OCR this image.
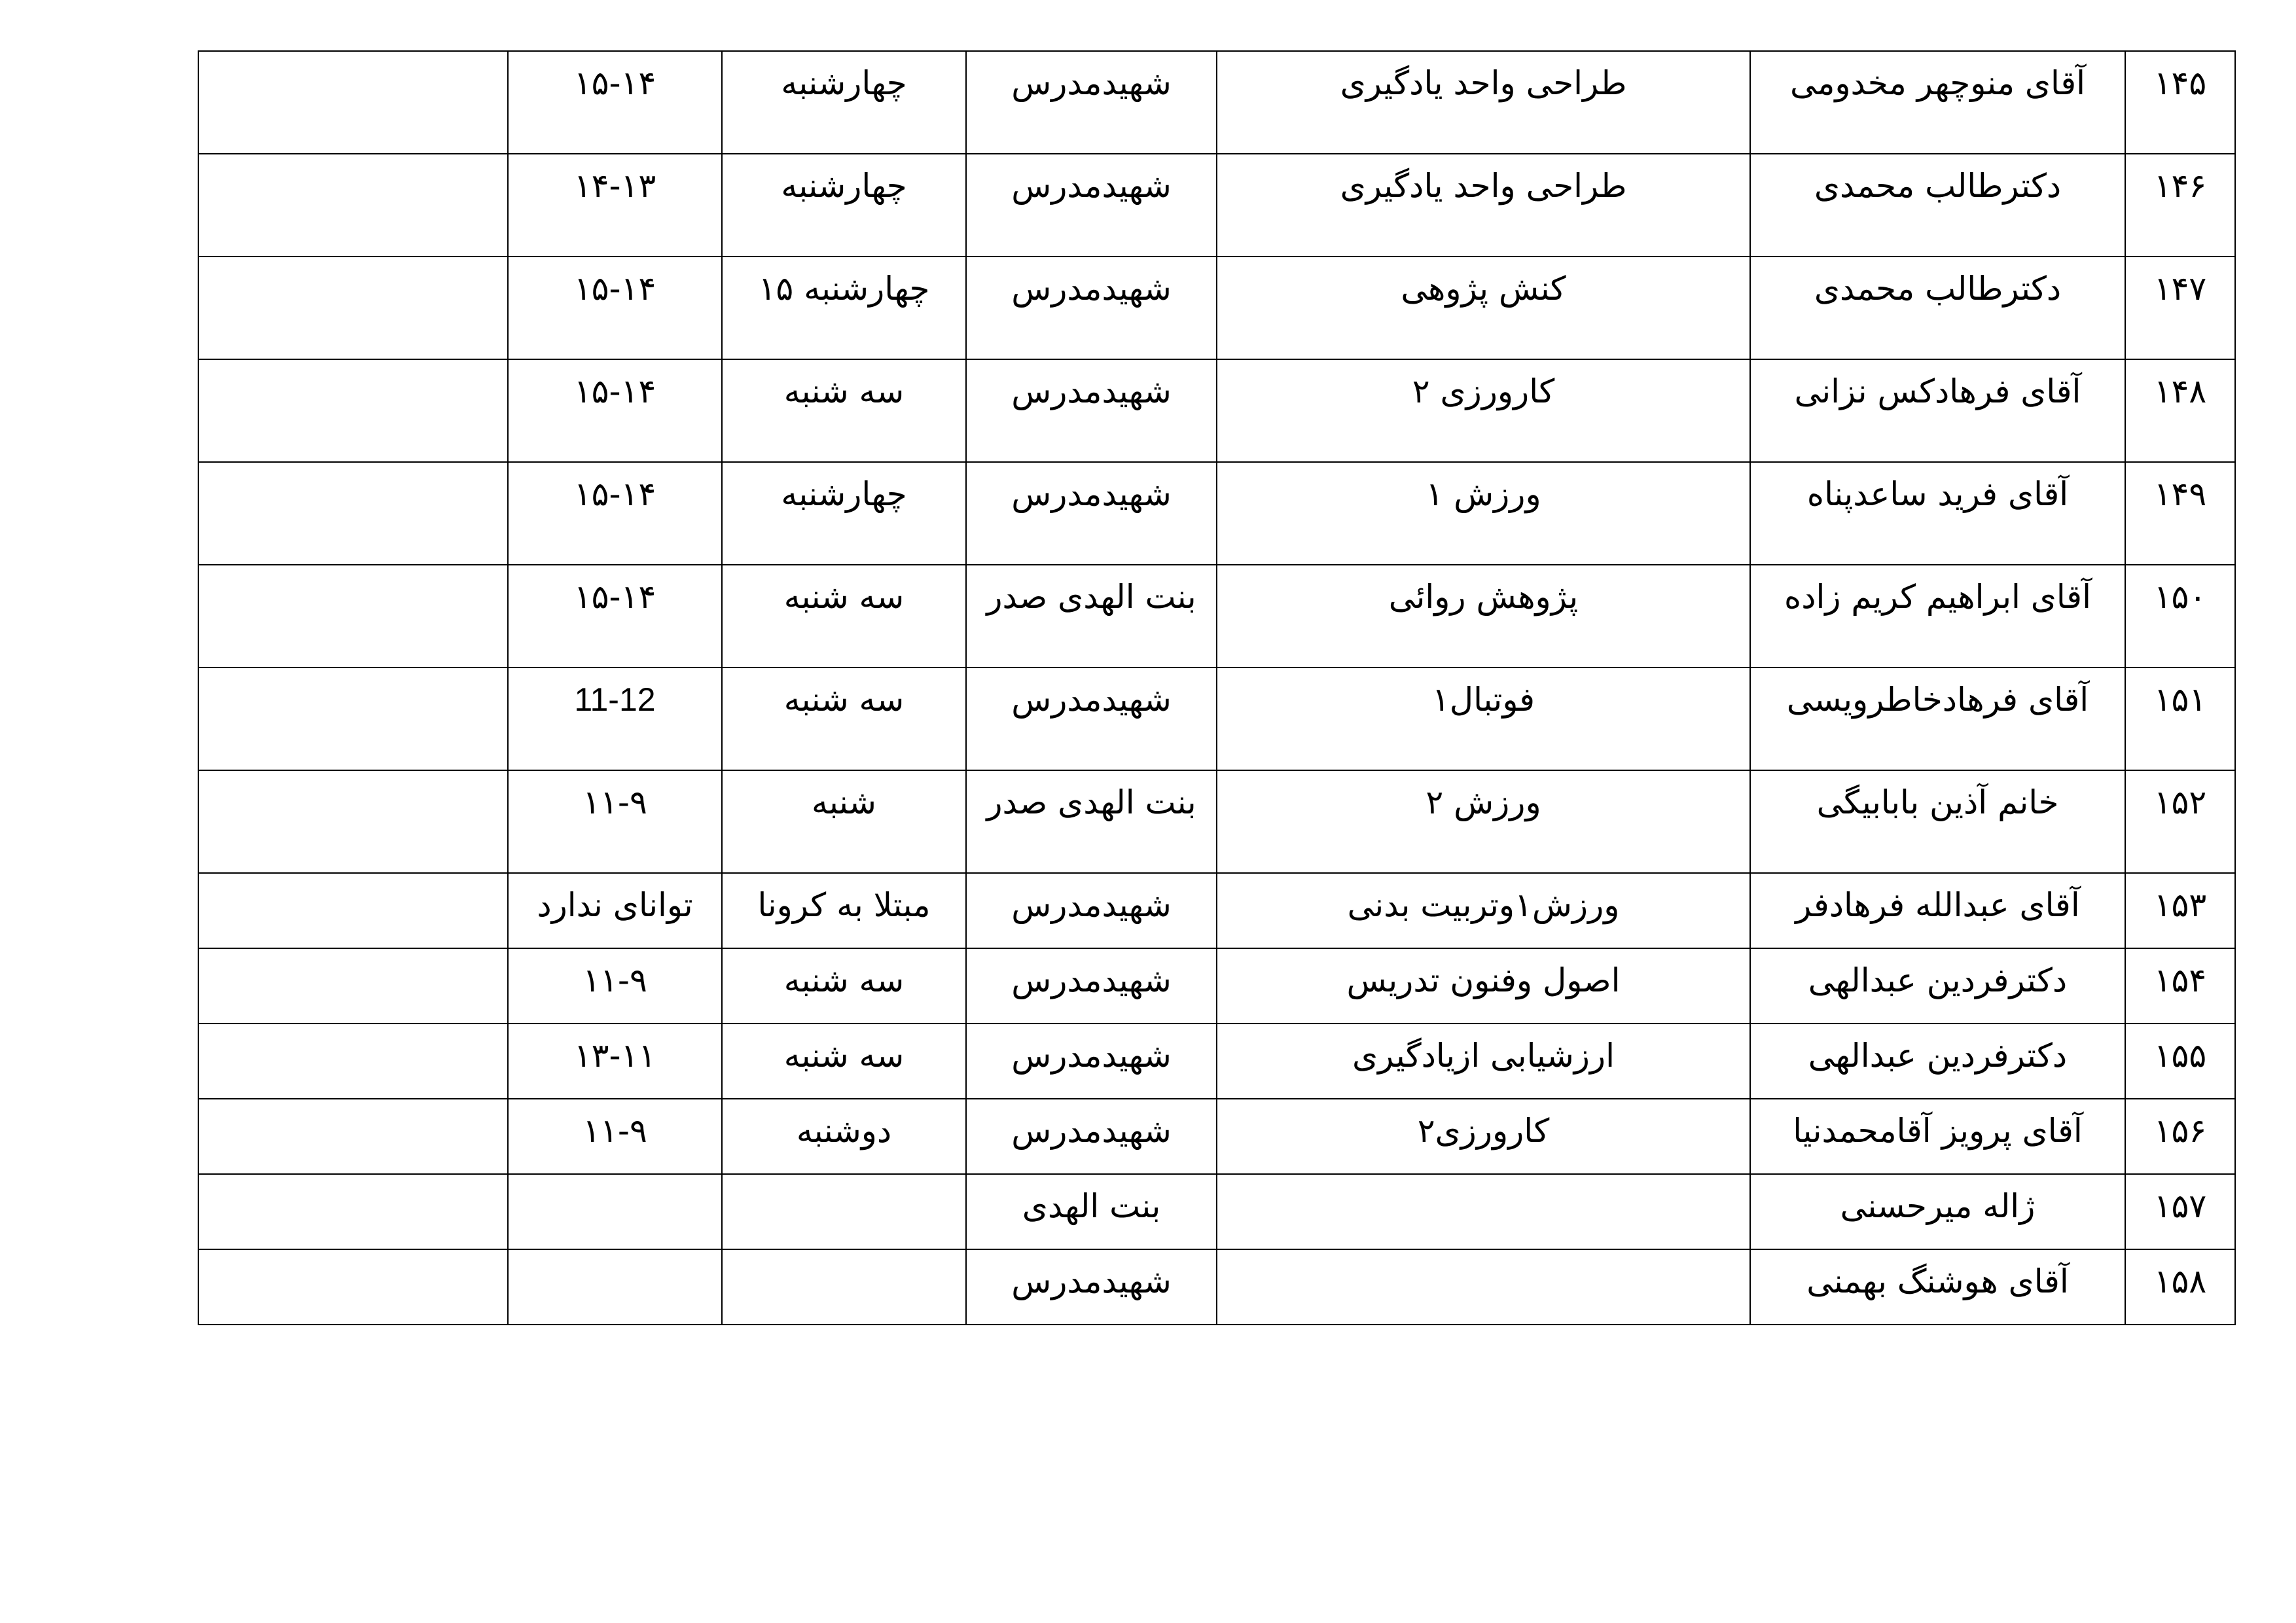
	۱۵-۱۴	چهارشنبه	شهیدمدرس	طراحی واحد یادگیری	آقای منوچهر مخدومی	۱۴۵
	۱۴-۱۳	چهارشنبه	شهیدمدرس	طراحی واحد یادگیری	دکترطالب محمدی	۱۴۶
	۱۵-۱۴	چهارشنبه ۱۵	شهیدمدرس	کنش پژوهی	دکترطالب محمدی	۱۴۷
	۱۵-۱۴	سه شنبه	شهیدمدرس	کارورزی ۲	آقای فرهادکس نزانی	۱۴۸
	۱۵-۱۴	چهارشنبه	شهیدمدرس	ورزش ۱	آقای فرید ساعدپناه	۱۴۹
	۱۵-۱۴	سه شنبه	بنت الهدی صدر	پژوهش روائی	آقای ابراهیم کریم زاده	۱۵۰
	11-12	سه شنبه	شهیدمدرس	فوتبال۱	آقای فرهادخاطرویسی	۱۵۱
	۱۱-۹	شنبه	بنت الهدی صدر	ورزش ۲	خانم آذین بابابیگی	۱۵۲
	توانای ندارد	مبتلا به کرونا	شهیدمدرس	ورزش۱وتربیت بدنی	آقای عبدالله فرهادفر	۱۵۳
	۱۱-۹	سه شنبه	شهیدمدرس	اصول وفنون تدریس	دکترفردین عبدالهی	۱۵۴
	۱۳-۱۱	سه شنبه	شهیدمدرس	ارزشیابی ازیادگیری	دکترفردین عبدالهی	۱۵۵
	۱۱-۹	دوشنبه	شهیدمدرس	کارورزی۲	آقای پرویز آقامحمدنیا	۱۵۶
			بنت الهدی		ژاله میرحسنی	۱۵۷
			شهیدمدرس		آقای هوشنگ بهمنی	۱۵۸
